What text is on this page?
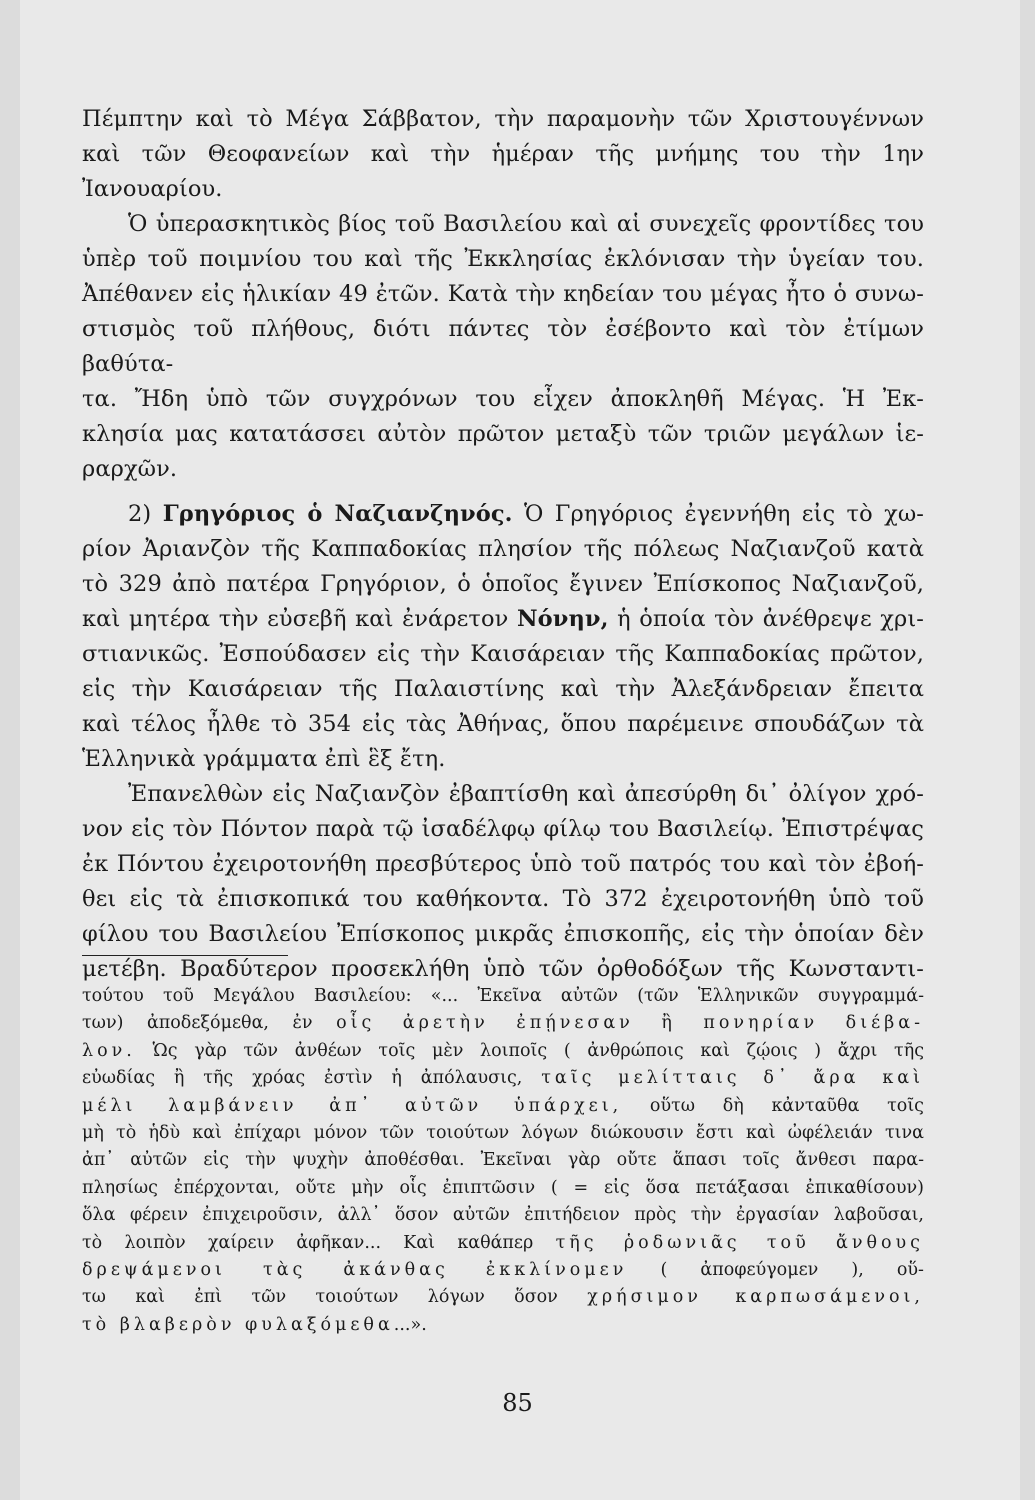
Πέμπτην καὶ τὸ Μέγα Σάββατον, τὴν παραμονὴν τῶν Χριστουγέννων

καὶ τῶν Θεοφανείων καὶ τὴν ἡμέραν τῆς μνήμης του τὴν 1ην Ἰανουαρίου.

Ὁ ὑπερασκητικὸς βίος τοῦ Βασιλείου καὶ αἱ συνεχεῖς φροντίδες του

ὑπὲρ τοῦ ποιμνίου του καὶ τῆς Ἐκκλησίας ἐκλόνισαν τὴν ὑγείαν του.

Ἀπέθανεν εἰς ἡλικίαν 49 ἐτῶν. Κατὰ τὴν κηδείαν του μέγας ἦτο ὁ συνω-

στισμὸς τοῦ πλήθους, διότι πάντες τὸν ἐσέβοντο καὶ τὸν ἐτίμων βαθύτα-

τα. Ἤδη ὑπὸ τῶν συγχρόνων του εἶχεν ἀποκληθῆ Μέγας. Ἡ Ἐκ-

κλησία μας κατατάσσει αὐτὸν πρῶτον μεταξὺ τῶν τριῶν μεγάλων ἱε-

ραρχῶν.

2) Γρηγόριος ὁ Ναζιανζηνός. Ὁ Γρηγόριος ἐγεννήθη εἰς τὸ χω-

ρίον Ἀριανζὸν τῆς Καππαδοκίας πλησίον τῆς πόλεως Ναζιανζοῦ κατὰ

τὸ 329 ἀπὸ πατέρα Γρηγόριον, ὁ ὁποῖος ἔγινεν Ἐπίσκοπος Ναζιανζοῦ,

καὶ μητέρα τὴν εὐσεβῆ καὶ ἐνάρετον Νόνην, ἡ ὁποία τὸν ἀνέθρεψε χρι-

στιανικῶς. Ἐσπούδασεν εἰς τὴν Καισάρειαν τῆς Καππαδοκίας πρῶτον,

εἰς τὴν Καισάρειαν τῆς Παλαιστίνης καὶ τὴν Ἀλεξάνδρειαν ἔπειτα

καὶ τέλος ἦλθε τὸ 354 εἰς τὰς Ἀθήνας, ὅπου παρέμεινε σπουδάζων τὰ

Ἑλληνικὰ γράμματα ἐπὶ ἓξ ἔτη.

Ἐπανελθὼν εἰς Ναζιανζὸν ἐβαπτίσθη καὶ ἀπεσύρθη δι᾽ ὀλίγον χρό-

νον εἰς τὸν Πόντον παρὰ τῷ ἰσαδέλφῳ φίλῳ του Βασιλείῳ. Ἐπιστρέψας

ἐκ Πόντου ἐχειροτονήθη πρεσβύτερος ὑπὸ τοῦ πατρός του καὶ τὸν ἐβοή-

θει εἰς τὰ ἐπισκοπικά του καθήκοντα. Τὸ 372 ἐχειροτονήθη ὑπὸ τοῦ

φίλου του Βασιλείου Ἐπίσκοπος μικρᾶς ἐπισκοπῆς, εἰς τὴν ὁποίαν δὲν

μετέβη. Βραδύτερον προσεκλήθη ὑπὸ τῶν ὀρθοδόξων τῆς Κωνσταντι-

τούτου τοῦ Μεγάλου Βασιλείου: «... Ἐκεῖνα αὐτῶν (τῶν Ἑλληνικῶν συγγραμμά-

των) ἀποδεξόμεθα, ἐν οἷς ἀρετὴν ἐπῄνεσαν ἢ πονηρίαν διέβα-

λον. Ὡς γὰρ τῶν ἀνθέων τοῖς μὲν λοιποῖς ( ἀνθρώποις καὶ ζῴοις ) ἄχρι τῆς

εὐωδίας ἢ τῆς χρόας ἐστὶν ἡ ἀπόλαυσις, ταῖς μελίτταις δ᾽ ἄρα καὶ

μέλι λαμβάνειν ἀπ᾽ αὐτῶν ὑπάρχει, οὕτω δὴ κἀνταῦθα τοῖς

μὴ τὸ ἡδὺ καὶ ἐπίχαρι μόνον τῶν τοιούτων λόγων διώκουσιν ἔστι καὶ ὠφέλειάν τινα

ἀπ᾽ αὐτῶν εἰς τὴν ψυχὴν ἀποθέσθαι. Ἐκεῖναι γὰρ οὔτε ἅπασι τοῖς ἄνθεσι παρα-

πλησίως ἐπέρχονται, οὔτε μὴν οἷς ἐπιπτῶσιν ( = εἰς ὅσα πετάξασαι ἐπικαθίσουν)

ὅλα φέρειν ἐπιχειροῦσιν, ἀλλ᾽ ὅσον αὐτῶν ἐπιτήδειον πρὸς τὴν ἐργασίαν λαβοῦσαι,

τὸ λοιπὸν χαίρειν ἀφῆκαν... Καὶ καθάπερ τῆς ῥοδωνιᾶς τοῦ ἄνθους

δρεψάμενοι τὰς ἀκάνθας ἐκκλίνομεν ( ἀποφεύγομεν ), οὕ-

τω καὶ ἐπὶ τῶν τοιούτων λόγων ὅσον χρήσιμον καρπωσάμενοι,

τὸ βλαβερὸν φυλαξόμεθα...».

85
